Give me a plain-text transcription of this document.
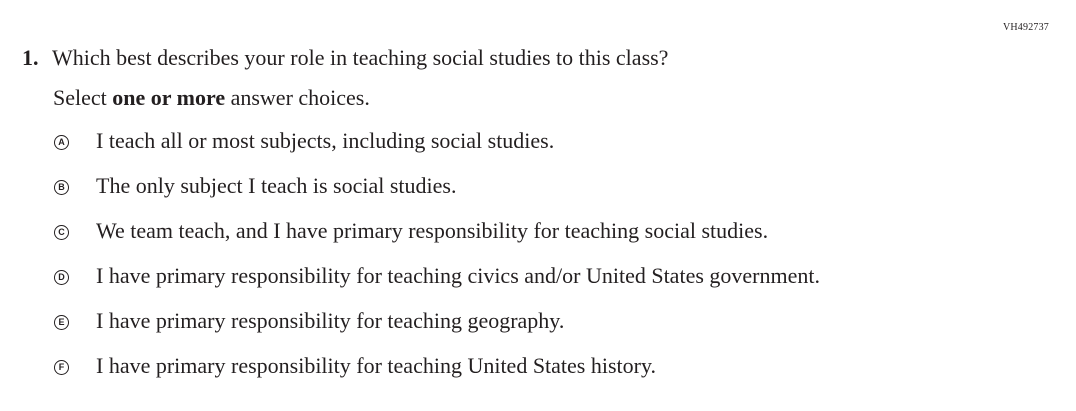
VH492737
1. Which best describes your role in teaching social studies to this class?
Select one or more answer choices.
A I teach all or most subjects, including social studies.
B The only subject I teach is social studies.
C We team teach, and I have primary responsibility for teaching social studies.
D I have primary responsibility for teaching civics and/or United States government.
E I have primary responsibility for teaching geography.
F I have primary responsibility for teaching United States history.
